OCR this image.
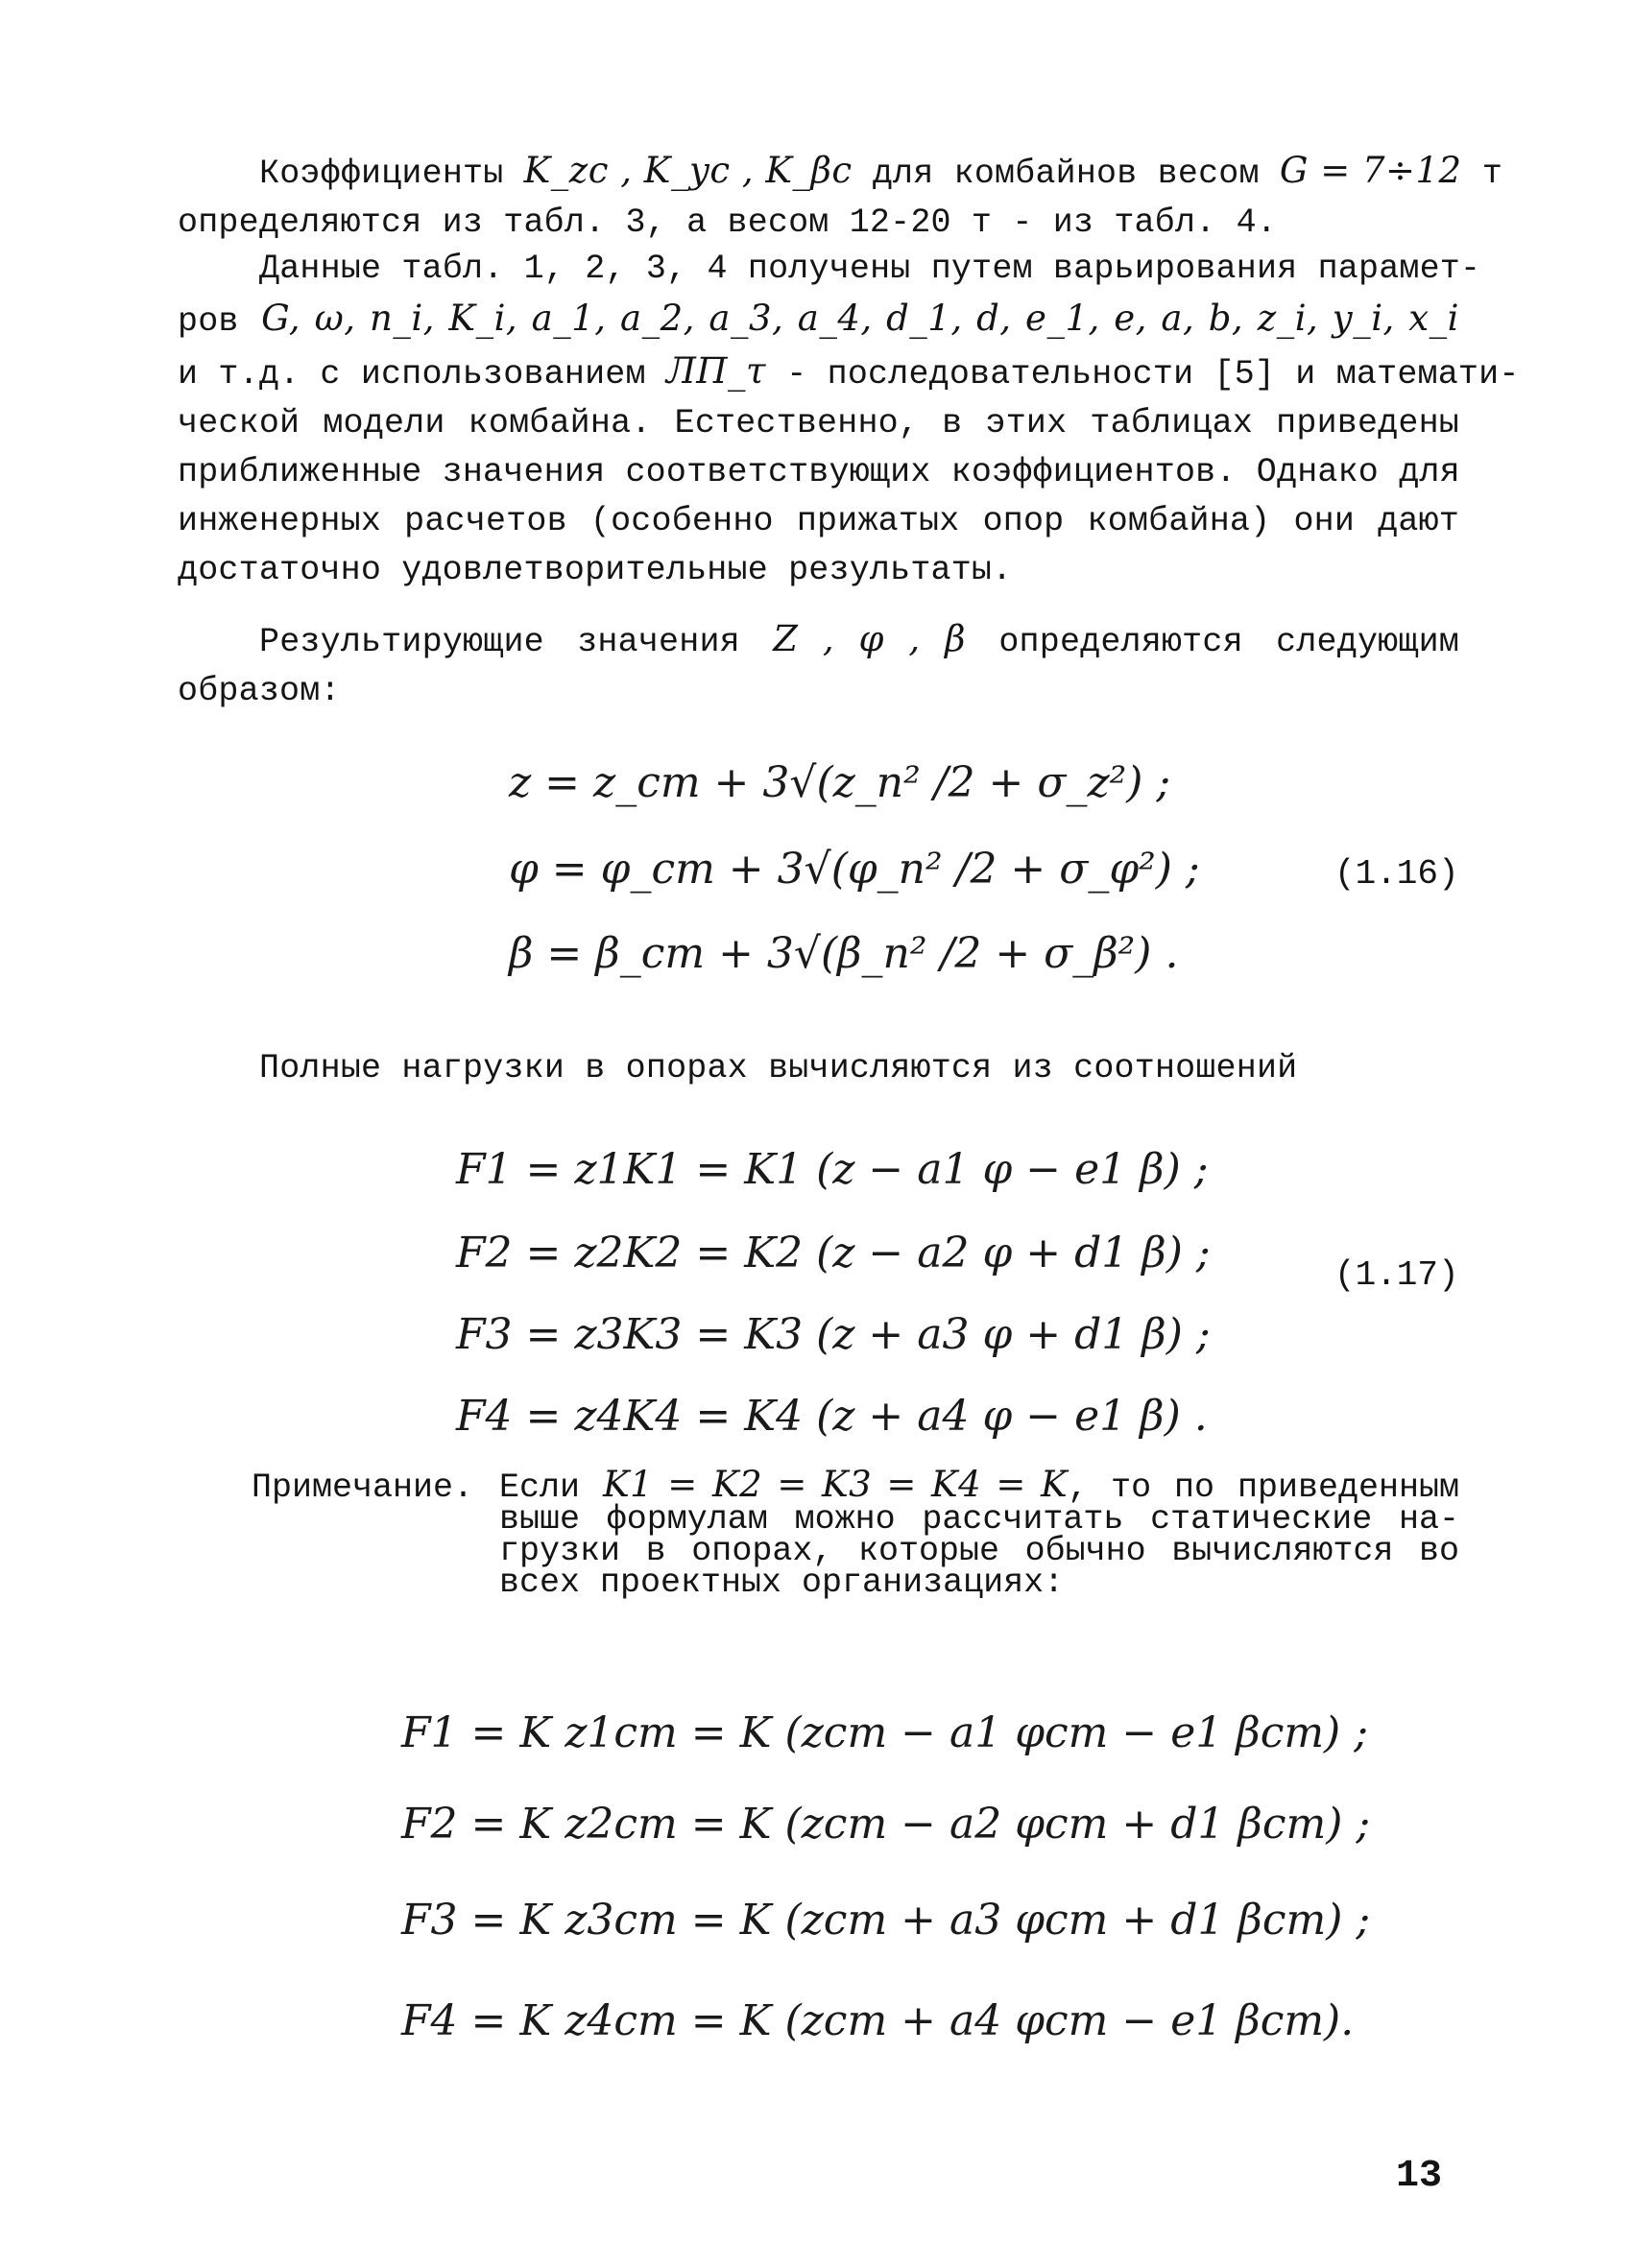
Коэффициенты K_zc , K_yc , K_βc для комбайнов весом G = 7÷12 т
определяются из табл. 3, а весом 12-20 т - из табл. 4.
Данные табл. 1, 2, 3, 4 получены путем варьирования парамет-
ров G, ω, n_i, K_i, a_1, a_2, a_3, a_4, d_1, d, e_1, e, a, b, z_i, y_i, x_i
и т.д. с использованием ЛП_τ - последовательности [5] и математи-
ческой модели комбайна. Естественно, в этих таблицах приведены
приближенные значения соответствующих коэффициентов. Однако для
инженерных расчетов (особенно прижатых опор комбайна) они дают
достаточно удовлетворительные результаты.
Результирующие значения Z , φ , β определяются следующим
образом:
z = z_ст + 3√(z_п² /2 + σ_z²) ;
φ = φ_ст + 3√(φ_п² /2 + σ_φ²) ;
β = β_ст + 3√(β_п² /2 + σ_β²) .
(1.16)
Полные нагрузки в опорах вычисляются из соотношений
F1 = z1K1 = K1 (z − a1 φ − e1 β) ;
F2 = z2K2 = K2 (z − a2 φ + d1 β) ;
F3 = z3K3 = K3 (z + a3 φ + d1 β) ;
F4 = z4K4 = K4 (z + a4 φ − e1 β) .
(1.17)
Примечание. Если K1 = K2 = K3 = K4 = K, то по приведенным
выше формулам можно рассчитать статические на-
грузки в опорах, которые обычно вычисляются во
всех проектных организациях:
F1 = K z1ст = K (zст − a1 φст − e1 βст) ;
F2 = K z2ст = K (zст − a2 φст + d1 βст) ;
F3 = K z3ст = K (zст + a3 φст + d1 βст) ;
F4 = K z4ст = K (zст + a4 φст − e1 βст).
13
